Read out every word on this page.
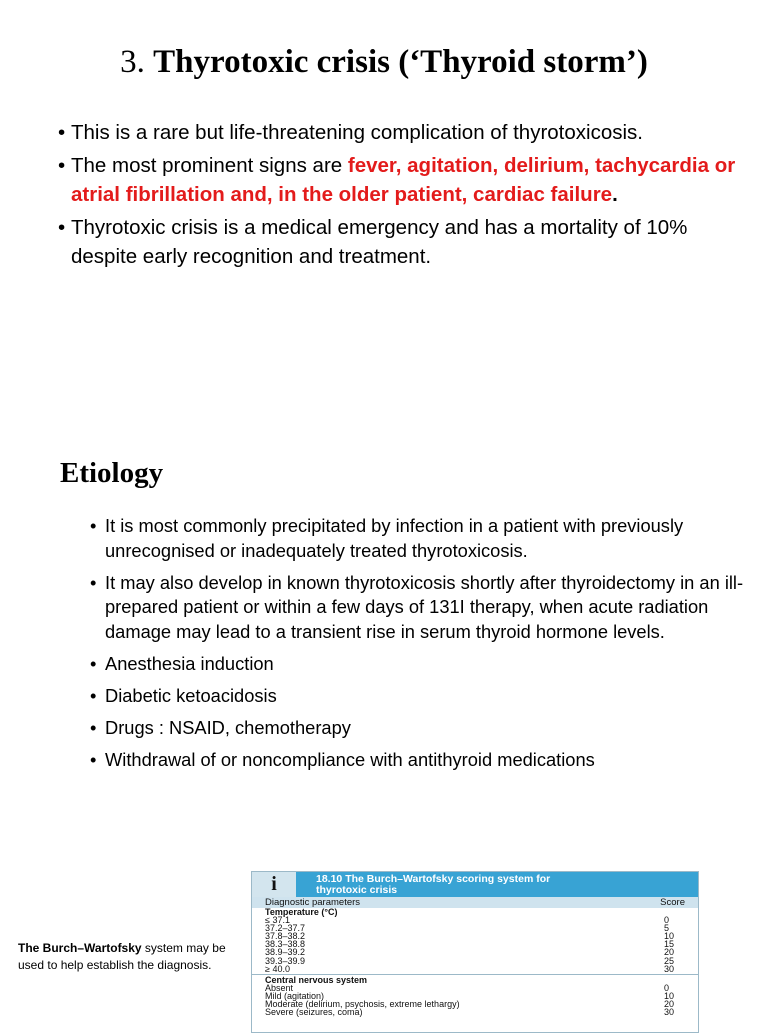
3. Thyrotoxic crisis (‘Thyroid storm’)
• This is a rare but life-threatening complication of thyrotoxicosis.
• The most prominent signs are fever, agitation, delirium, tachycardia or atrial fibrillation and, in the older patient, cardiac failure.
• Thyrotoxic crisis is a medical emergency and has a mortality of 10% despite early recognition and treatment.
Etiology
• It is most commonly precipitated by infection in a patient with previously unrecognised or inadequately treated thyrotoxicosis.
• It may also develop in known thyrotoxicosis shortly after thyroidectomy in an ill-prepared patient or within a few days of 131I therapy, when acute radiation damage may lead to a transient rise in serum thyroid hormone levels.
• Anesthesia induction
• Diabetic ketoacidosis
• Drugs : NSAID, chemotherapy
• Withdrawal of or noncompliance with antithyroid medications
The Burch–Wartofsky system may be used to help establish the diagnosis.
i	18.10 The Burch–Wartofsky scoring system for
thyrotoxic crisis
Diagnostic parameters	Score
Temperature (°C)
≤ 37.1	0
37.2–37.7	5
37.8–38.2	10
38.3–38.8	15
38.9–39.2	20
39.3–39.9	25
≥ 40.0	30
Central nervous system
Absent	0
Mild (agitation)	10
Moderate (delirium, psychosis, extreme lethargy)	20
Severe (seizures, coma)	30
